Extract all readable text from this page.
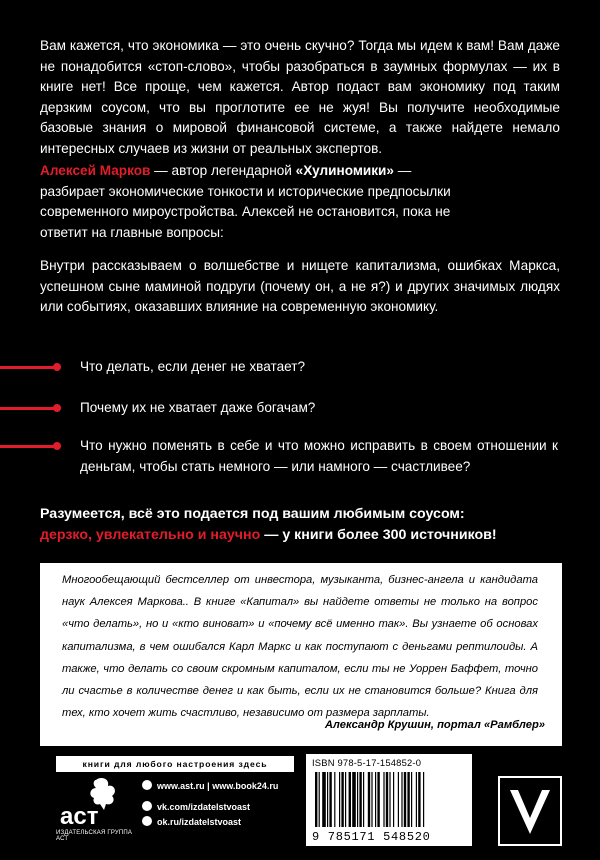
Вам кажется, что экономика — это очень скучно? Тогда мы идем к вам! Вам даже не понадобится «стоп-слово», чтобы разобраться в заумных формулах — их в книге нет! Все проще, чем кажется. Автор подаст вам экономику под таким дерзким соусом, что вы проглотите ее не жуя! Вы получите необходимые базовые знания о мировой финансовой системе, а также найдете немало интересных случаев из жизни от реальных экспертов.
Алексей Марков — автор легендарной «Хулиномики» — разбирает экономические тонкости и исторические предпосылки современного мироустройства. Алексей не остановится, пока не ответит на главные вопросы:
Внутри рассказываем о волшебстве и нищете капитализма, ошибках Маркса, успешном сыне маминой подруги (почему он, а не я?) и других значимых людях или событиях, оказавших влияние на современную экономику.
Что делать, если денег не хватает?
Почему их не хватает даже богачам?
Что нужно поменять в себе и что можно исправить в своем отношении к деньгам, чтобы стать немного — или намного — счастливее?
Разумеется, всё это подается под вашим любимым соусом:
дерзко, увлекательно и научно — у книги более 300 источников!
Многообещающий бестселлер от инвестора, музыканта, бизнес-ангела и кандидата наук Алексея Маркова.. В книге «Капитал» вы найдете ответы не только на вопрос «что делать», но и «кто виноват» и «почему всё именно так». Вы узнаете об основах капитализма, в чем ошибался Карл Маркс и как поступают с деньгами рептилоиды. А также, что делать со своим скромным капиталом, если ты не Уоррен Баффет, точно ли счастье в количестве денег и как быть, если их не становится больше? Книга для тех, кто хочет жить счастливо, независимо от размера зарплаты.
Александр Крушин, портал «Рамблер»
книги для любого настроения здесь
аст
ИЗДАТЕЛЬСКАЯ ГРУППА АСТ
www.ast.ru | www.book24.ru
vk.com/izdatelstvoast
ok.ru/izdatelstvoast
ISBN 978-5-17-154852-0
9 785171 548520
